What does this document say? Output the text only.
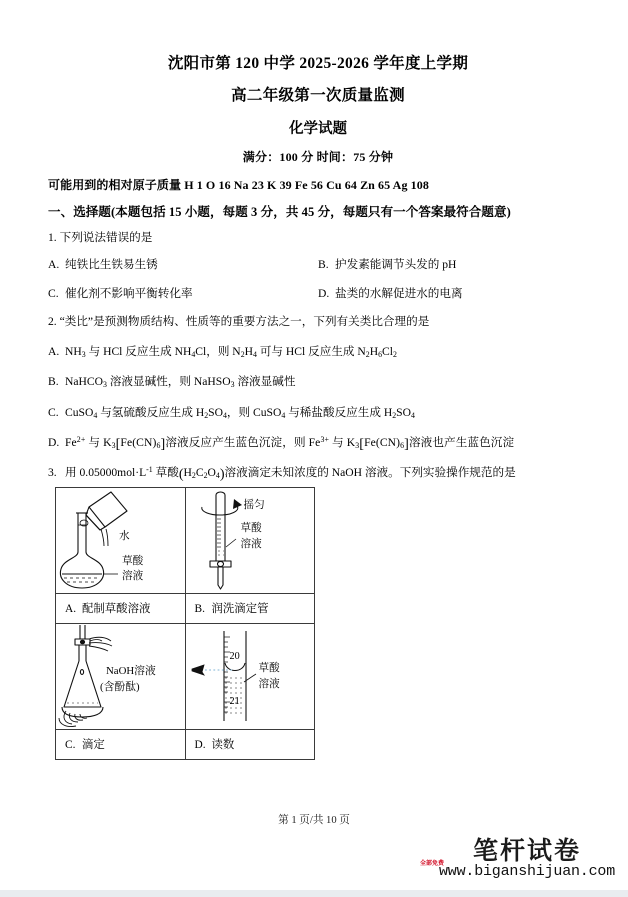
沈阳市第 120 中学 2025-2026 学年度上学期
高二年级第一次质量监测
化学试题
满分：100 分 时间：75 分钟
可能用到的相对原子质量 H 1 O 16 Na 23 K 39 Fe 56 Cu 64 Zn 65 Ag 108
一、选择题(本题包括 15 小题，每题 3 分，共 45 分，每题只有一个答案最符合题意)
1. 下列说法错误的是
A. 纯铁比生铁易生锈	B. 护发素能调节头发的 pH
C. 催化剂不影响平衡转化率	D. 盐类的水解促进水的电离
2. “类比”是预测物质结构、性质等的重要方法之一，下列有关类比合理的是
A. $NH_3$ 与 HCl 反应生成 $NH_4Cl$，则 $N_2H_4$ 可与 HCl 反应生成 $N_2H_6Cl_2$
B. NaHCO$_3$ 溶液显碱性，则 NaHSO$_3$ 溶液显碱性
C. CuSO$_4$ 与氢硫酸反应生成 $H_2SO_4$，则 CuSO$_4$ 与稀盐酸反应生成 $H_2SO_4$
D. $Fe^{2+}$ 与 $K_3[Fe(CN)_6]$溶液反应产生蓝色沉淀，则 $Fe^{3+}$ 与 $K_3[Fe(CN)_6]$溶液也产生蓝色沉淀
3. 用 $0.05000mol\cdot L^{-1}$ 草酸$(H_2C_2O_4)$溶液滴定未知浓度的 NaOH 溶液。下列实验操作规范的是
水
草酸
溶液	摇匀
草酸
溶液

A. 配制草酸溶液	B. 润洗滴定管

NaOH溶液
(含酚酞)	20
21
草酸
溶液

C. 滴定	D. 读数
第 1 页/共 10 页
笔杆试卷
www.biganshijuan.com
全部免费
